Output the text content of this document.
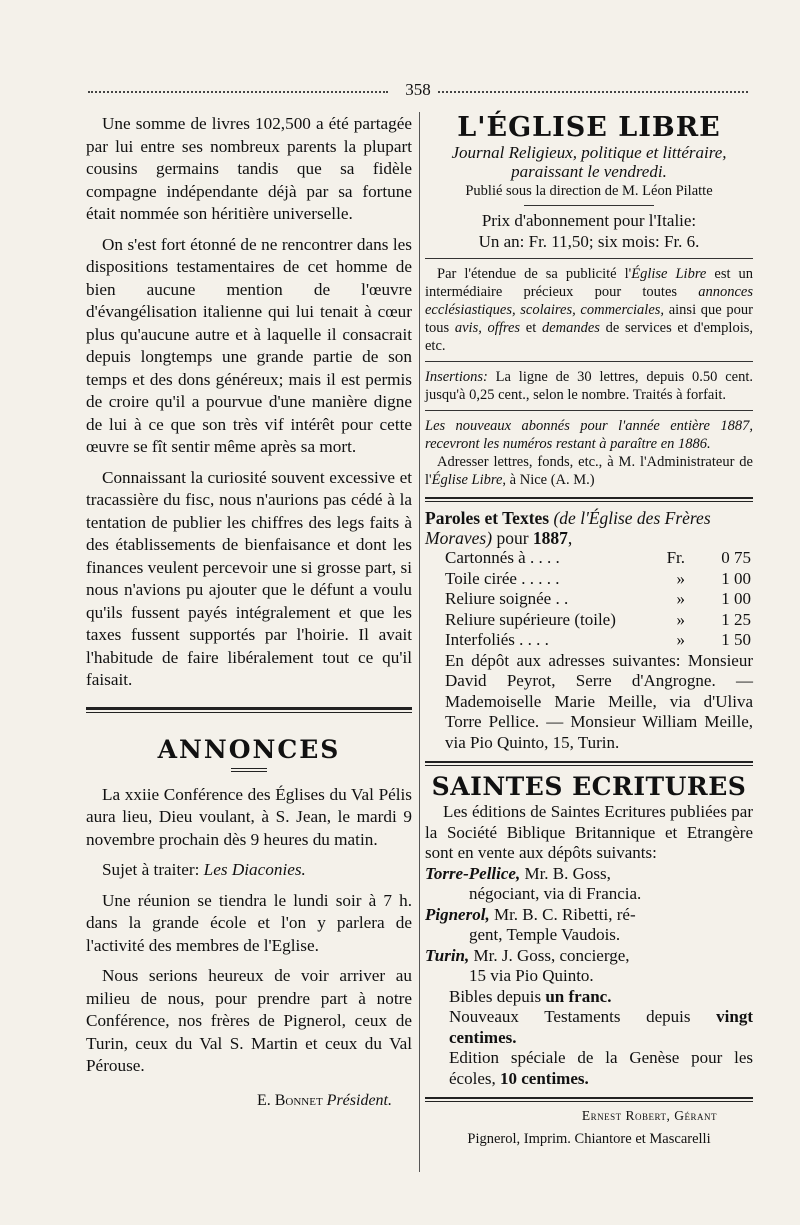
358

Une somme de livres 102,500 a été partagée par lui entre ses nombreux parents la plupart cousins germains tandis que sa fidèle compagne indépendante déjà par sa fortune était nommée son héritière universelle.

On s'est fort étonné de ne rencontrer dans les dispositions testamentaires de cet homme de bien aucune mention de l'œuvre d'évangélisation italienne qui lui tenait à cœur plus qu'aucune autre et à laquelle il consacrait depuis longtemps une grande partie de son temps et des dons généreux; mais il est permis de croire qu'il a pourvue d'une manière digne de lui à ce que son très vif intérêt pour cette œuvre se fît sentir même après sa mort.

Connaissant la curiosité souvent excessive et tracassière du fisc, nous n'aurions pas cédé à la tentation de publier les chiffres des legs faits à des établissements de bienfaisance et dont les finances veulent percevoir une si grosse part, si nous n'avions pu ajouter que le défunt a voulu qu'ils fussent payés intégralement et que les taxes fussent supportés par l'hoirie. Il avait l'habitude de faire libéralement tout ce qu'il faisait.

ANNONCES

La xxiie Conférence des Églises du Val Pélis aura lieu, Dieu voulant, à S. Jean, le mardi 9 novembre prochain dès 9 heures du matin.

Sujet à traiter: Les Diaconies.

Une réunion se tiendra le lundi soir à 7 h. dans la grande école et l'on y parlera de l'activité des membres de l'Eglise.

Nous serions heureux de voir arriver au milieu de nous, pour prendre part à notre Conférence, nos frères de Pignerol, ceux de Turin, ceux du Val S. Martin et ceux du Val Pérouse.

E. Bonnet Président.

L'ÉGLISE LIBRE
Journal Religieux, politique et littéraire,
paraissant le vendredi.
Publié sous la direction de M. Léon Pilatte
Prix d'abonnement pour l'Italie:
Un an: Fr. 11,50; six mois: Fr. 6.

Par l'étendue de sa publicité l'Église Libre est un intermédiaire précieux pour toutes annonces ecclésiastiques, scolaires, commerciales, ainsi que pour tous avis, offres et demandes de services et d'emplois, etc.

Insertions: La ligne de 30 lettres, depuis 0.50 cent. jusqu'à 0,25 cent., selon le nombre. Traités à forfait.

Les nouveaux abonnés pour l'année entière 1887, recevront les numéros restant à paraître en 1886.

Adresser lettres, fonds, etc., à M. l'Administrateur de l'Église Libre, à Nice (A. M.)

Paroles et Textes (de l'Église des Frères Moraves) pour 1887,

Cartonnés à . . . .	Fr.	0 75
Toile cirée . . . . .	»	1 00
Reliure soignée . .	»	1 00
Reliure supérieure (toile)	»	1 25
Interfoliés . . . .	»	1 50

En dépôt aux adresses suivantes: Monsieur David Peyrot, Serre d'Angrogne. — Mademoiselle Marie Meille, via d'Uliva Torre Pellice. — Monsieur William Meille, via Pio Quinto, 15, Turin.

SAINTES ECRITURES

Les éditions de Saintes Ecritures publiées par la Société Biblique Britannique et Etrangère sont en vente aux dépôts suivants:

Torre-Pellice, Mr. B. Goss,
négociant, via di Francia.
Pignerol, Mr. B. C. Ribetti, ré-
gent, Temple Vaudois.
Turin, Mr. J. Goss, concierge,
15 via Pio Quinto.

Bibles depuis un franc.

Nouveaux Testaments depuis vingt centimes.

Edition spéciale de la Genèse pour les écoles, 10 centimes.

Ernest Robert, Gérant
Pignerol, Imprim. Chiantore et Mascarelli
